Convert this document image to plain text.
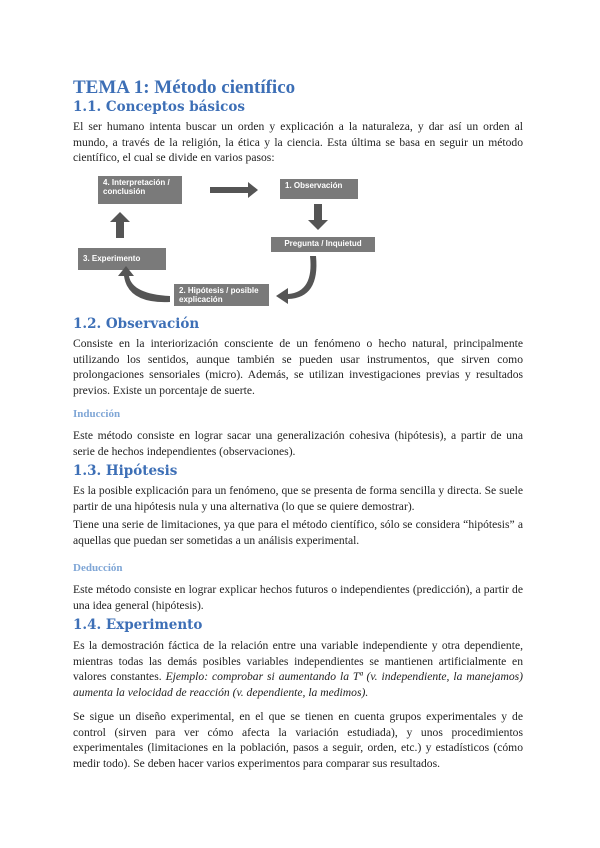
TEMA 1: Método científico
1.1. Conceptos básicos

El ser humano intenta buscar un orden y explicación a la naturaleza, y dar así un orden al mundo, a través de la religión, la ética y la ciencia. Esta última se basa en seguir un método científico, el cual se divide en varios pasos:

1.2. Observación

Consiste en la interiorización consciente de un fenómeno o hecho natural, principalmente utilizando los sentidos, aunque también se pueden usar instrumentos, que sirven como prolongaciones sensoriales (micro). Además, se utilizan investigaciones previas y resultados previos. Existe un porcentaje de suerte.

Inducción

Este método consiste en lograr sacar una generalización cohesiva (hipótesis), a partir de una serie de hechos independientes (observaciones).

1.3. Hipótesis

Es la posible explicación para un fenómeno, que se presenta de forma sencilla y directa. Se suele partir de una hipótesis nula y una alternativa (lo que se quiere demostrar).

Tiene una serie de limitaciones, ya que para el método científico, sólo se considera “hipótesis” a aquellas que puedan ser sometidas a un análisis experimental.

Deducción

Este método consiste en lograr explicar hechos futuros o independientes (predicción), a partir de una idea general (hipótesis).

1.4. Experimento

Es la demostración fáctica de la relación entre una variable independiente y otra dependiente, mientras todas las demás posibles variables independientes se mantienen artificialmente en valores constantes. Ejemplo: comprobar si aumentando la Tª (v. independiente, la manejamos) aumenta la velocidad de reacción (v. dependiente, la medimos).

Se sigue un diseño experimental, en el que se tienen en cuenta grupos experimentales y de control (sirven para ver cómo afecta la variación estudiada), y unos procedimientos experimentales (limitaciones en la población, pasos a seguir, orden, etc.) y estadísticos (cómo medir todo). Se deben hacer varios experimentos para comparar sus resultados.

4. Interpretación / conclusión
1. Observación
Pregunta / Inquietud
3. Experimento
2. Hipótesis / posible explicación
